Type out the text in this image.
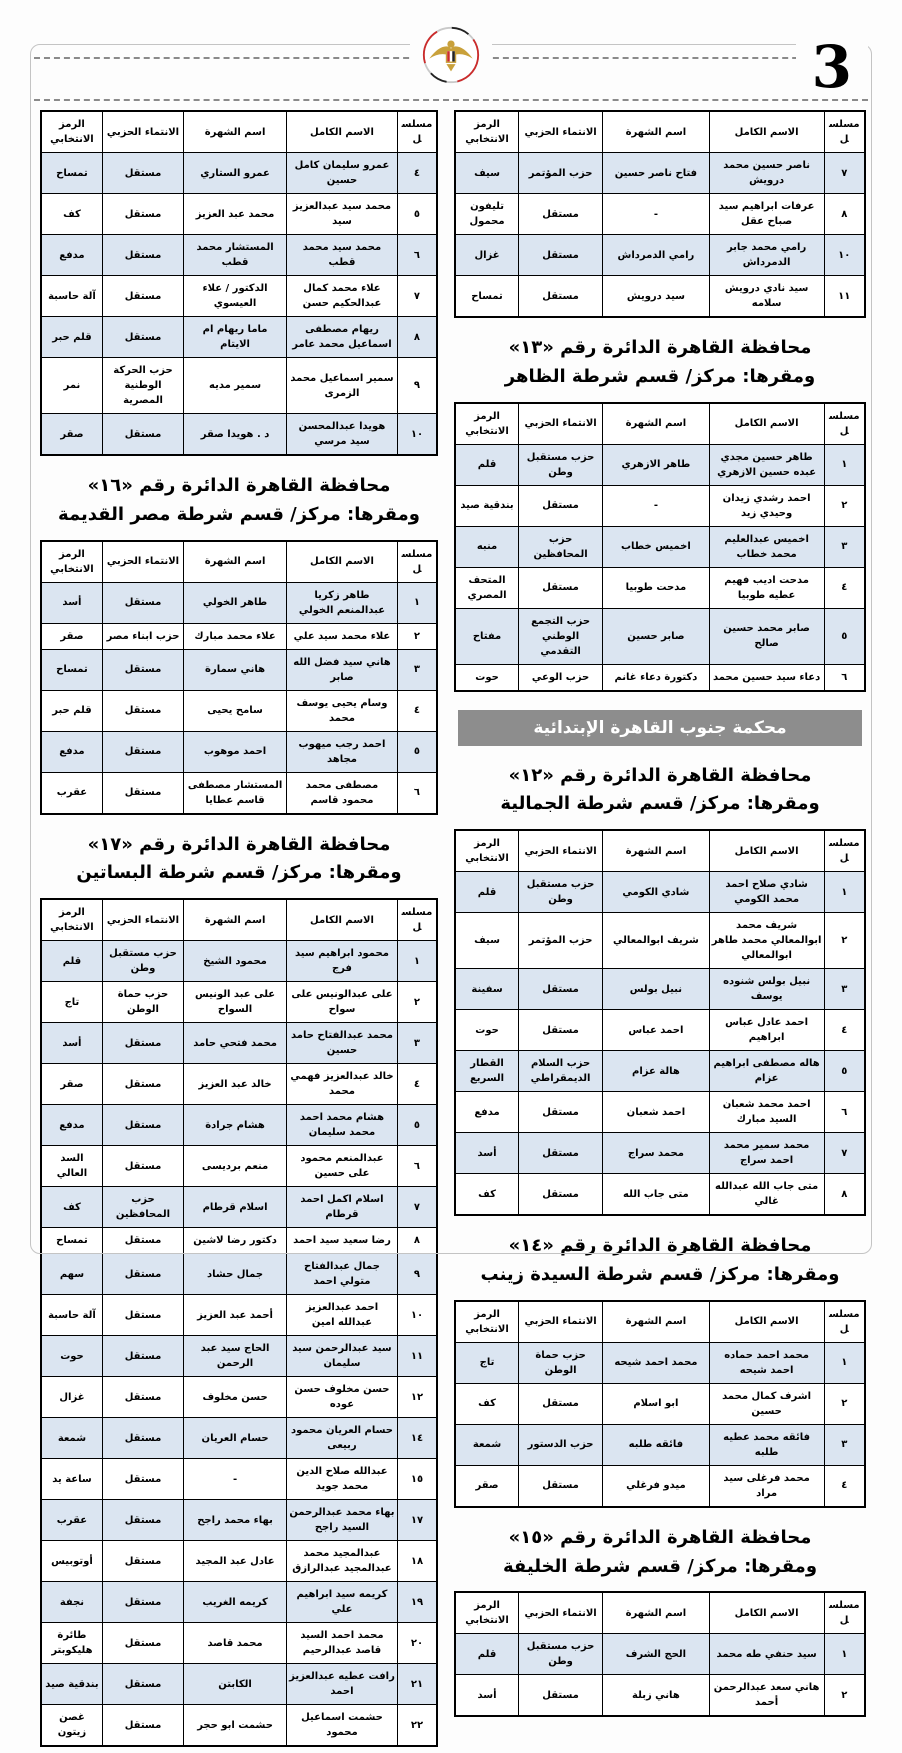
3
مسلسل	الاسم الكامل	اسم الشهرة	الانتماء الحزبي	الرمز الانتخابي
٧	ناصر حسين محمد درويش	فتاح ناصر حسين	حزب المؤتمر	سيف
٨	عرفات ابراهيم سيد صباح عقل	-	مستقل	تليفون محمول
١٠	رامي محمد جابر الدمرداش	رامي الدمرداش	مستقل	غزال
١١	سيد نادي درويش سلامه	سيد درويش	مستقل	تمساح
محافظة القاهرة الدائرة رقم «١٣»
ومقرها: مركز/ قسم شرطة الظاهر
مسلسل	الاسم الكامل	اسم الشهرة	الانتماء الحزبي	الرمز الانتخابي
١	طاهر حسين مجدي عبده حسين الازهري	طاهر الازهري	حزب مستقبل وطن	قلم
٢	احمد رشدي زيدان وحيدي زيد	-	مستقل	بندقية صيد
٣	اخميس عبدالعليم محمد خطاب	اخميس خطاب	حزب المحافظين	منبه
٤	مدحت اديب فهيم عطيه طوبيا	مدحت طوبيا	مستقل	المتحف المصري
٥	صابر محمد حسين صالح	صابر حسين	حزب التجمع الوطني التقدمي	مفتاح
٦	دعاء سيد حسين محمد	دكتورة دعاء غانم	حزب الوعي	حوت
محكمة جنوب القاهرة الإبتدائية
محافظة القاهرة الدائرة رقم «١٢»
ومقرها: مركز/ قسم شرطة الجمالية
مسلسل	الاسم الكامل	اسم الشهرة	الانتماء الحزبي	الرمز الانتخابي
١	شادي صلاح احمد محمد الكومي	شادي الكومي	حزب مستقبل وطن	قلم
٢	شريف محمد ابوالمعالي محمد طاهر ابوالمعالي	شريف ابوالمعالي	حزب المؤتمر	سيف
٣	نبيل بولس شنوده يوسف	نبيل بولس	مستقل	سفينة
٤	احمد عادل عباس ابراهيم	احمد عباس	مستقل	حوت
٥	هاله مصطفى ابراهيم عزام	هالة عزام	حزب السلام الديمقراطي	القطار السريع
٦	احمد محمد شعبان السيد مبارك	احمد شعبان	مستقل	مدفع
٧	محمد سمير محمد احمد سراج	محمد سراج	مستقل	أسد
٨	متى جاب الله عبدالله غالي	متى جاب الله	مستقل	كف
محافظة القاهرة الدائرة رقم «١٤»
ومقرها: مركز/ قسم شرطة السيدة زينب
مسلسل	الاسم الكامل	اسم الشهرة	الانتماء الحزبي	الرمز الانتخابي
١	محمد احمد حماده احمد شيحه	محمد احمد شيحه	حزب حماة الوطن	تاج
٢	اشرف كمال محمد حسين	ابو اسلام	مستقل	كف
٣	فائقه محمد عطيه طلبه	فائقه طلبه	حزب الدستور	شمعة
٤	محمد فرغلى سيد مراد	ميدو فرغلي	مستقل	صقر
محافظة القاهرة الدائرة رقم «١٥»
ومقرها: مركز/ قسم شرطة الخليفة
مسلسل	الاسم الكامل	اسم الشهرة	الانتماء الحزبي	الرمز الانتخابي
١	سيد حنفي طه محمد	الحج الشرف	حزب مستقبل وطن	قلم
٢	هاني سعد عبدالرحمن أحمد	هاني زبلة	مستقل	أسد
مسلسل	الاسم الكامل	اسم الشهرة	الانتماء الحزبي	الرمز الانتخابي
٤	عمرو سليمان كامل حسين	عمرو الستاري	مستقل	تمساح
٥	محمد سيد عبدالعزيز سيد	محمد عبد العزيز	مستقل	كف
٦	محمد سيد محمد قطب	المستشار محمد قطب	مستقل	مدفع
٧	علاء محمد كمال عبدالحكيم حسن	الدكتور / علاء العيسوي	مستقل	آلة حاسبة
٨	ريهام مصطفى اسماعيل محمد عامر	ماما ريهام ام الايتام	مستقل	قلم حبر
٩	سمير اسماعيل محمد الزمرى	سمير مديه	حزب الحركة الوطنية المصرية	نمر
١٠	هويدا عبدالمحسن سيد مرسي	د . هويدا صقر	مستقل	صقر
محافظة القاهرة الدائرة رقم «١٦»
ومقرها: مركز/ قسم شرطة مصر القديمة
مسلسل	الاسم الكامل	اسم الشهرة	الانتماء الحزبي	الرمز الانتخابي
١	طاهر زكريا عبدالمنعم الخولي	طاهر الخولي	مستقل	أسد
٢	علاء محمد سيد علي	علاء محمد مبارك	حزب ابناء مصر	صقر
٣	هاني سيد فضل الله صابر	هاني سمارة	مستقل	تمساح
٤	وسام يحيى يوسف محمد	سامح يحيى	مستقل	قلم حبر
٥	احمد رجب ميهوب مجاهد	احمد موهوب	مستقل	مدفع
٦	مصطفى محمد محمود قاسم	المستشار مصطفى قاسم عطايا	مستقل	عقرب
محافظة القاهرة الدائرة رقم «١٧»
ومقرها: مركز/ قسم شرطة البساتين
مسلسل	الاسم الكامل	اسم الشهرة	الانتماء الحزبي	الرمز الانتخابي
١	محمود ابراهيم سيد فرج	محمود الشيخ	حزب مستقبل وطن	قلم
٢	على عبدالونيس على سواح	على عبد الونيس السواح	حزب حماة الوطن	تاج
٣	محمد عبدالفتاح حامد حسين	محمد فتحي حامد	مستقل	أسد
٤	خالد عبدالعزيز فهمي محمد	خالد عبد العزيز	مستقل	صقر
٥	هشام محمد احمد محمد سليمان	هشام جرادة	مستقل	مدفع
٦	عبدالمنعم محمود على حسين	منعم برديسى	مستقل	السد العالي
٧	اسلام اكمل احمد قرطام	اسلام قرطام	حزب المحافظين	كف
٨	رضا سعيد سيد احمد	دكتور رضا لاشين	مستقل	تمساح
٩	جمال عبدالفتاح متولي احمد	جمال حشاد	مستقل	سهم
١٠	احمد عبدالعزيز عبدالله امين	أحمد عبد العزيز	مستقل	آلة حاسبة
١١	سيد عبدالرحمن سيد سليمان	الحاج سيد عبد الرحمن	مستقل	حوت
١٢	حسن مخلوف حسن عوده	حسن مخلوف	مستقل	غزال
١٤	حسام العريان محمود ربيعى	حسام العريان	مستقل	شمعة
١٥	عبدالله صلاح الدين محمد جويد	-	مستقل	ساعة يد
١٧	بهاء محمد عبدالرحمن السيد راجح	بهاء محمد راجح	مستقل	عقرب
١٨	عبدالمجيد محمد عبدالمجيد عبدالرازق	عادل عبد المجيد	مستقل	أوتوبيس
١٩	كريمه سيد ابراهيم علي	كريمه الغريب	مستقل	نجفة
٢٠	محمد احمد السيد قاصد عبدالرحيم	محمد قاصد	مستقل	طائرة هليكوبتر
٢١	رافت عطيه عبدالعزيز احمد	الكابتن	مستقل	بندقية صيد
٢٢	حشمت اسماعيل محمود	حشمت ابو حجر	مستقل	غصن زيتون
